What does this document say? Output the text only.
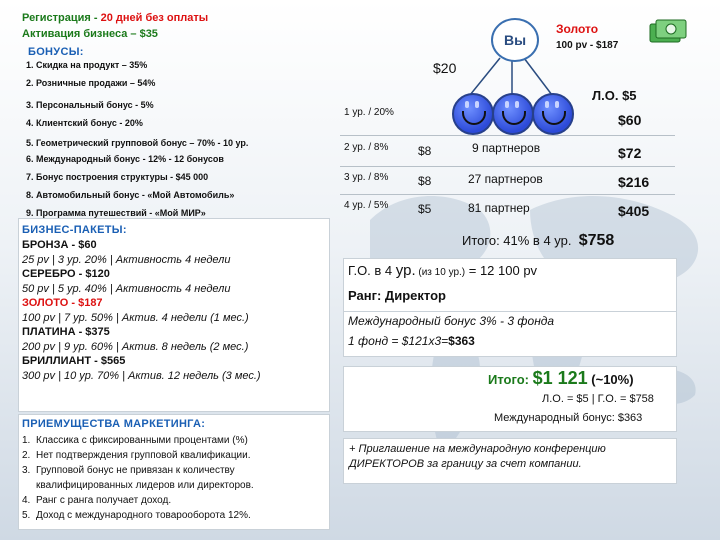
Регистрация - 20 дней без оплаты
Активация бизнеса – $35
БОНУСЫ:
1. Скидка на продукт – 35%
2. Розничные продажи – 54%
3. Персональный бонус - 5%
4. Клиентский бонус - 20%
5. Геометрический групповой бонус – 70% - 10 ур.
6. Международный бонус - 12% - 12 бонусов
7. Бонус построения структуры - $45 000
8. Автомобильный бонус - «Мой Автомобиль»
9. Программа путешествий - «Мой МИР»
БИЗНЕС-ПАКЕТЫ:
БРОНЗА - $60
25 pv | 3 ур. 20% | Активность 4 недели
СЕРЕБРО - $120
50 pv | 5 ур. 40% | Активность 4 недели
ЗОЛОТО - $187
100 pv | 7 ур. 50% | Актив. 4 недели (1 мес.)
ПЛАТИНА - $375
200 pv | 9 ур. 60% | Актив. 8 недель (2 мес.)
БРИЛЛИАНТ - $565
300 pv | 10 ур. 70% | Актив. 12 недель (3 мес.)
ПРИЕМУЩЕСТВА МАРКЕТИНГА:
1. Классика с фиксированными процентами (%)
2. Нет подтверждения групповой квалификации.
3. Групповой бонус не привязан к количеству квалифицированных лидеров или директоров.
4. Ранг с ранга получает доход.
5. Доход с международного товарооборота 12%.
Вы
Золото
100 pv - $187
$20
Л.О. $5
1 ур. / 20%	$60
2 ур. / 8% $8	9 партнеров	$72
3 ур. / 8% $8	27 партнеров	$216
4 ур. / 5% $5	81 партнер	$405
Итого: 41% в 4 ур. $758
Г.О. в 4 ур. (из 10 ур.) = 12 100 pv
Ранг: Директор
Международный бонус 3% - 3 фонда
1 фонд = $121х3=$363
Итого: $1 121 (~10%)
Л.О. = $5 | Г.О. = $758
Международный бонус: $363
+ Приглашение на международную конференцию ДИРЕКТОРОВ за границу за счет компании.
